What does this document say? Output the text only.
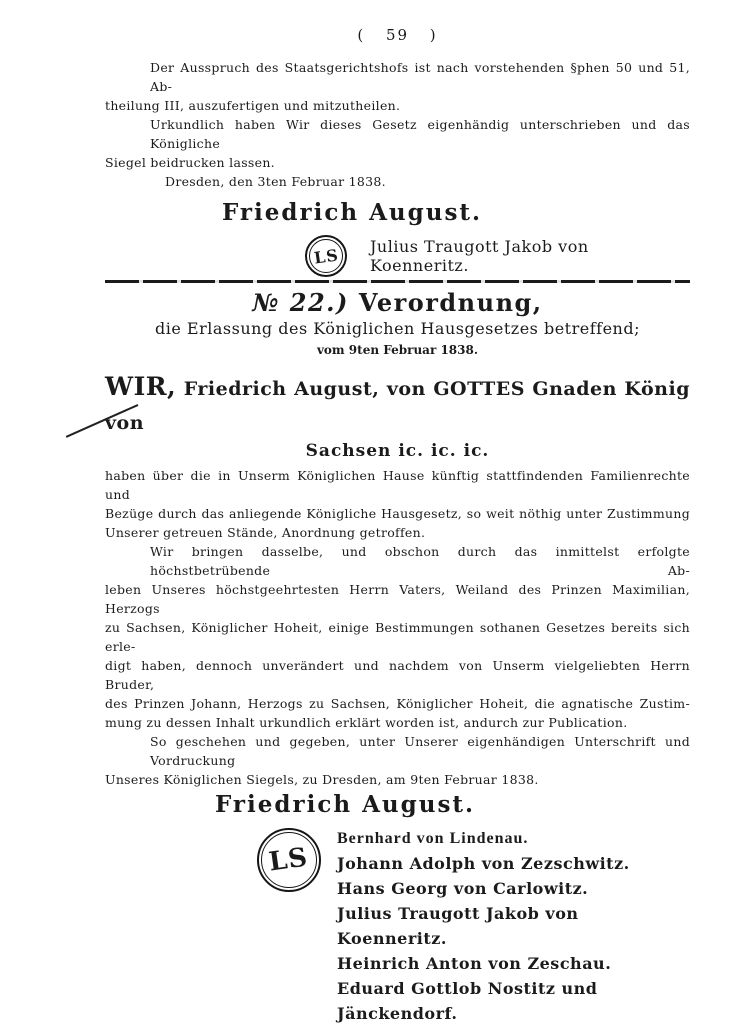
( 59 )
Der Ausspruch des Staatsgerichtshofs ist nach vorstehenden §phen 50 und 51, Ab-
theilung III, auszufertigen und mitzutheilen.
Urkundlich haben Wir dieses Gesetz eigenhändig unterschrieben und das Königliche
Siegel beidrucken lassen.
Dresden, den 3ten Februar 1838.
Friedrich August.
LS Julius Traugott Jakob von Koenneritz.
№ 22.) Verordnung,
die Erlassung des Königlichen Hausgesetzes betreffend;
vom 9ten Februar 1838.
WIR, Friedrich August, von GOTTES Gnaden König von
Sachsen ic. ic. ic.
haben über die in Unserm Königlichen Hause künftig stattfindenden Familienrechte und
Bezüge durch das anliegende Königliche Hausgesetz, so weit nöthig unter Zustimmung
Unserer getreuen Stände, Anordnung getroffen.
Wir bringen dasselbe, und obschon durch das inmittelst erfolgte höchstbetrübende Ab-
leben Unseres höchstgeehrtesten Herrn Vaters, Weiland des Prinzen Maximilian, Herzogs
zu Sachsen, Königlicher Hoheit, einige Bestimmungen sothanen Gesetzes bereits sich erle-
digt haben, dennoch unverändert und nachdem von Unserm vielgeliebten Herrn Bruder,
des Prinzen Johann, Herzogs zu Sachsen, Königlicher Hoheit, die agnatische Zustim-
mung zu dessen Inhalt urkundlich erklärt worden ist, andurch zur Publication.
So geschehen und gegeben, unter Unserer eigenhändigen Unterschrift und Vordruckung
Unseres Königlichen Siegels, zu Dresden, am 9ten Februar 1838.
Friedrich August.
LS
Bernhard von Lindenau.
Johann Adolph von Zezschwitz.
Hans Georg von Carlowitz.
Julius Traugott Jakob von Koenneritz.
Heinrich Anton von Zeschau.
Eduard Gottlob Nostitz und Jänckendorf.
